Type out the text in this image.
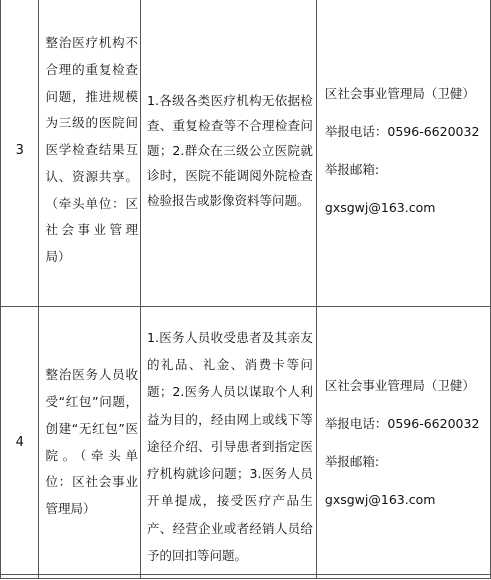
3	整治医疗机构不合理的重复检查问题，推进规模为三级的医院间医学检查结果互认、资源共享。（牵头单位：区社会事业管理局）	1.各级各类医疗机构无依据检查、重复检查等不合理检查问题；2.群众在三级公立医院就诊时，医院不能调阅外院检查检验报告或影像资料等问题。	区社会事业管理局（卫健）
举报电话：0596-6620032
举报邮箱:
gxsgwj@163.com

4	整治医务人员收受“红包”问题，创建“无红包”医院。（牵头单位：区社会事业管理局）	1.医务人员收受患者及其亲友的礼品、礼金、消费卡等问题；2.医务人员以谋取个人利益为目的，经由网上或线下等途径介绍、引导患者到指定医疗机构就诊问题；3.医务人员开单提成，接受医疗产品生产、经营企业或者经销人员给予的回扣等问题。	区社会事业管理局（卫健）
举报电话：0596-6620032
举报邮箱:
gxsgwj@163.com
